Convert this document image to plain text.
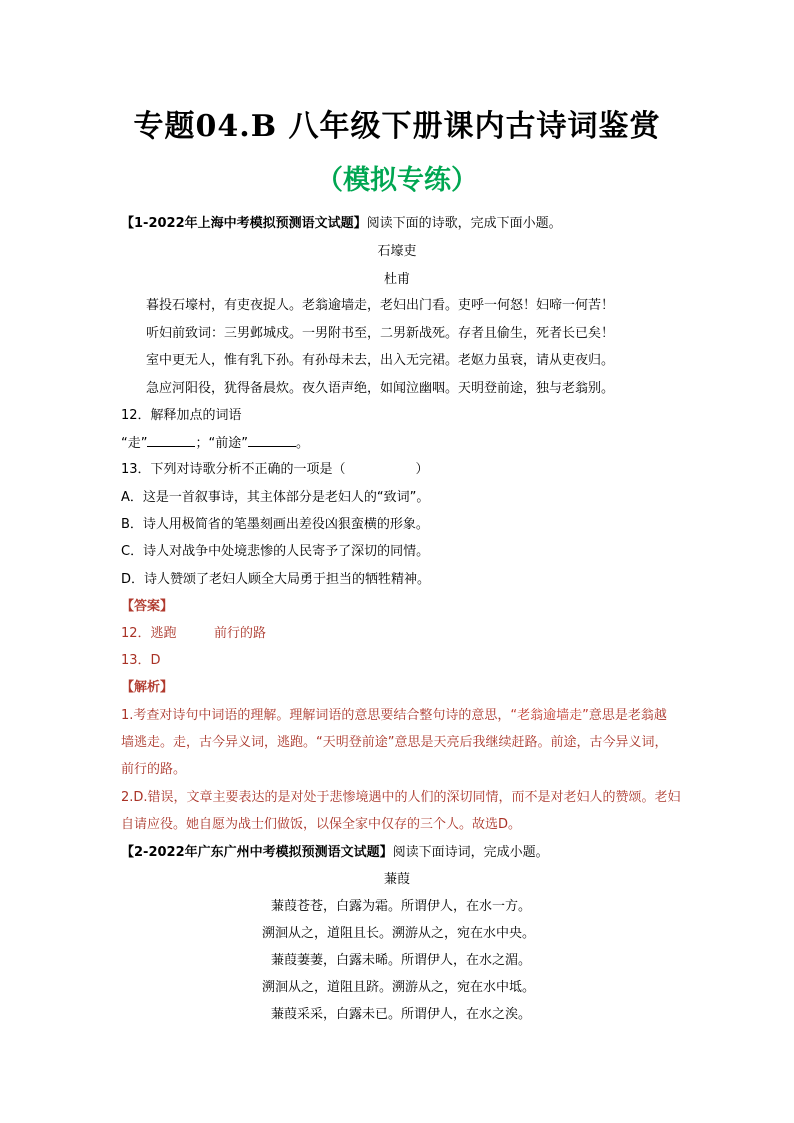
专题04.B 八年级下册课内古诗词鉴赏
（模拟专练）
【1-2022年上海中考模拟预测语文试题】阅读下面的诗歌，完成下面小题。
石壕吏
杜甫
暮投石壕村，有吏夜捉人。老翁逾墙走，老妇出门看。吏呼一何怒！妇啼一何苦！
听妇前致词：三男邺城戍。一男附书至，二男新战死。存者且偷生，死者长已矣！
室中更无人，惟有乳下孙。有孙母未去，出入无完裙。老妪力虽衰，请从吏夜归。
急应河阳役，犹得备晨炊。夜久语声绝，如闻泣幽咽。天明登前途，独与老翁别。
12．解释加点的词语
“走”	；“前途”	。
13．下列对诗歌分析不正确的一项是（	）
A．这是一首叙事诗，其主体部分是老妇人的“致词”。
B．诗人用极简省的笔墨刻画出差役凶狠蛮横的形象。
C．诗人对战争中处境悲惨的人民寄予了深切的同情。
D．诗人赞颂了老妇人顾全大局勇于担当的牺牲精神。
【答案】
12．逃跑	前行的路
13．D
【解析】
1.考查对诗句中词语的理解。理解词语的意思要结合整句诗的意思，“老翁逾墙走”意思是老翁越
墙逃走。走，古今异义词，逃跑。“天明登前途”意思是天亮后我继续赶路。前途，古今异义词，
前行的路。
2.D.错误，文章主要表达的是对处于悲惨境遇中的人们的深切同情，而不是对老妇人的赞颂。老妇
自请应役。她自愿为战士们做饭，以保全家中仅存的三个人。故选D。
【2-2022年广东广州中考模拟预测语文试题】阅读下面诗词，完成小题。
蒹葭
蒹葭苍苍，白露为霜。所谓伊人，在水一方。
溯洄从之，道阻且长。溯游从之，宛在水中央。
蒹葭萋萋，白露未晞。所谓伊人，在水之湄。
溯洄从之，道阻且跻。溯游从之，宛在水中坻。
蒹葭采采，白露未已。所谓伊人，在水之涘。
